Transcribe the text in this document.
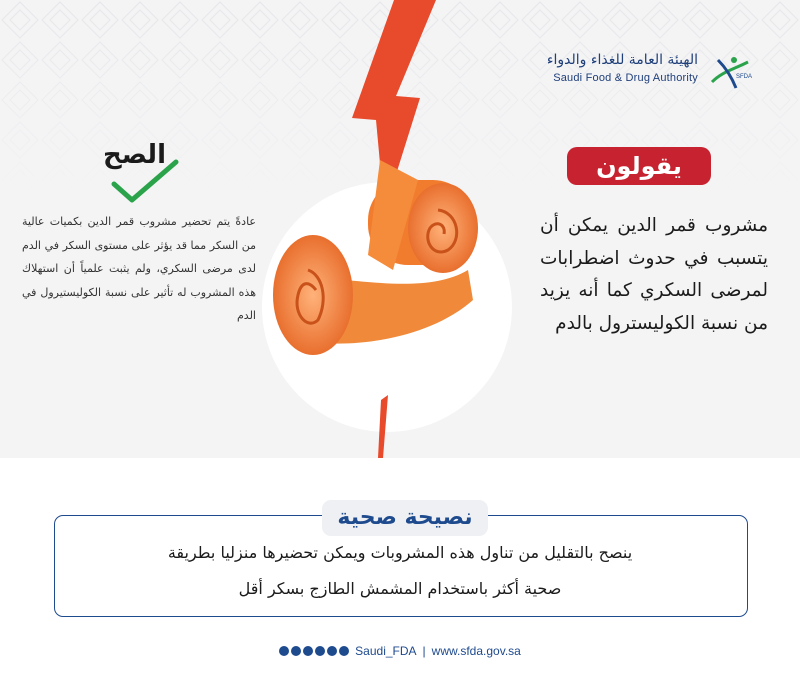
الهيئة العامة للغذاء والدواء
Saudi Food & Drug Authority	SFDA
يقولون
مشروب قمر الدين يمكن أن يتسبب في حدوث اضطرابات لمرضى السكري كما أنه يزيد من نسبة الكوليسترول بالدم
الصح
عادةً يتم تحضير مشروب قمر الدين بكميات عالية من السكر مما قد يؤثر على مستوى السكر في الدم لدى مرضى السكري، ولم يثبت علمياً أن استهلاك هذه المشروب له تأثير على نسبة الكوليستيرول في الدم
نصيحة صحية
ينصح بالتقليل من تناول هذه المشروبات ويمكن تحضيرها منزليا بطريقة
صحية أكثر باستخدام المشمش الطازج بسكر أقل
Saudi_FDA | www.sfda.gov.sa
